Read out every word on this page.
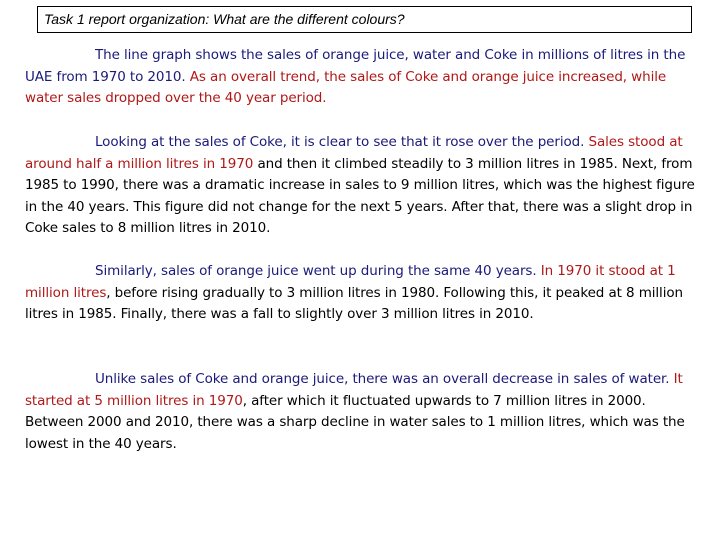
Task 1 report organization: What are the different colours?

The line graph shows the sales of orange juice, water and Coke in millions of litres in the UAE from 1970 to 2010. As an overall trend, the sales of Coke and orange juice increased, while water sales dropped over the 40 year period.

Looking at the sales of Coke, it is clear to see that it rose over the period. Sales stood at around half a million litres in 1970 and then it climbed steadily to 3 million litres in 1985. Next, from 1985 to 1990, there was a dramatic increase in sales to 9 million litres, which was the highest figure in the 40 years. This figure did not change for the next 5 years. After that, there was a slight drop in Coke sales to 8 million litres in 2010.

Similarly, sales of orange juice went up during the same 40 years. In 1970 it stood at 1 million litres, before rising gradually to 3 million litres in 1980. Following this, it peaked at 8 million litres in 1985. Finally, there was a fall to slightly over 3 million litres in 2010.

Unlike sales of Coke and orange juice, there was an overall decrease in sales of water. It started at 5 million litres in 1970, after which it fluctuated upwards to 7 million litres in 2000. Between 2000 and 2010, there was a sharp decline in water sales to 1 million litres, which was the lowest in the 40 years.
